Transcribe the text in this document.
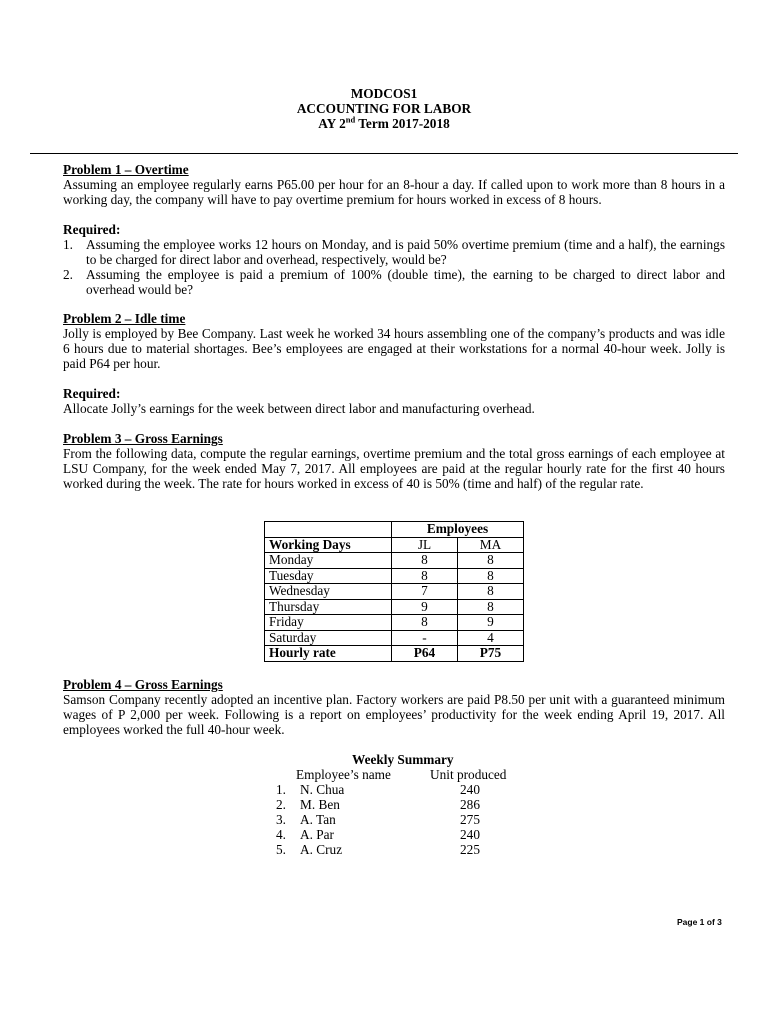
MODCOS1
ACCOUNTING FOR LABOR
AY 2nd Term 2017-2018
Problem 1 – Overtime
Assuming an employee regularly earns P65.00 per hour for an 8-hour a day. If called upon to work more than 8 hours in a working day, the company will have to pay overtime premium for hours worked in excess of 8 hours.
Required:
1. Assuming the employee works 12 hours on Monday, and is paid 50% overtime premium (time and a half), the earnings to be charged for direct labor and overhead, respectively, would be?
2. Assuming the employee is paid a premium of 100% (double time), the earning to be charged to direct labor and overhead would be?
Problem 2 – Idle time
Jolly is employed by Bee Company. Last week he worked 34 hours assembling one of the company’s products and was idle 6 hours due to material shortages. Bee’s employees are engaged at their workstations for a normal 40-hour week. Jolly is paid P64 per hour.
Required:
Allocate Jolly’s earnings for the week between direct labor and manufacturing overhead.
Problem 3 – Gross Earnings
From the following data, compute the regular earnings, overtime premium and the total gross earnings of each employee at LSU Company, for the week ended May 7, 2017. All employees are paid at the regular hourly rate for the first 40 hours worked during the week. The rate for hours worked in excess of 40 is 50% (time and half) of the regular rate.
	Employees	
Working Days	JL	MA
Monday	8	8
Tuesday	8	8
Wednesday	7	8
Thursday	9	8
Friday	8	9
Saturday	-	4
Hourly rate	P64	P75
Problem 4 – Gross Earnings
Samson Company recently adopted an incentive plan. Factory workers are paid P8.50 per unit with a guaranteed minimum wages of P 2,000 per week. Following is a report on employees’ productivity for the week ending April 19, 2017. All employees worked the full 40-hour week.
Weekly Summary
Employee’s name	Unit produced
1. N. Chua	240
2. M. Ben	286
3. A. Tan	275
4. A. Par	240
5. A. Cruz	225
Page 1 of 3
